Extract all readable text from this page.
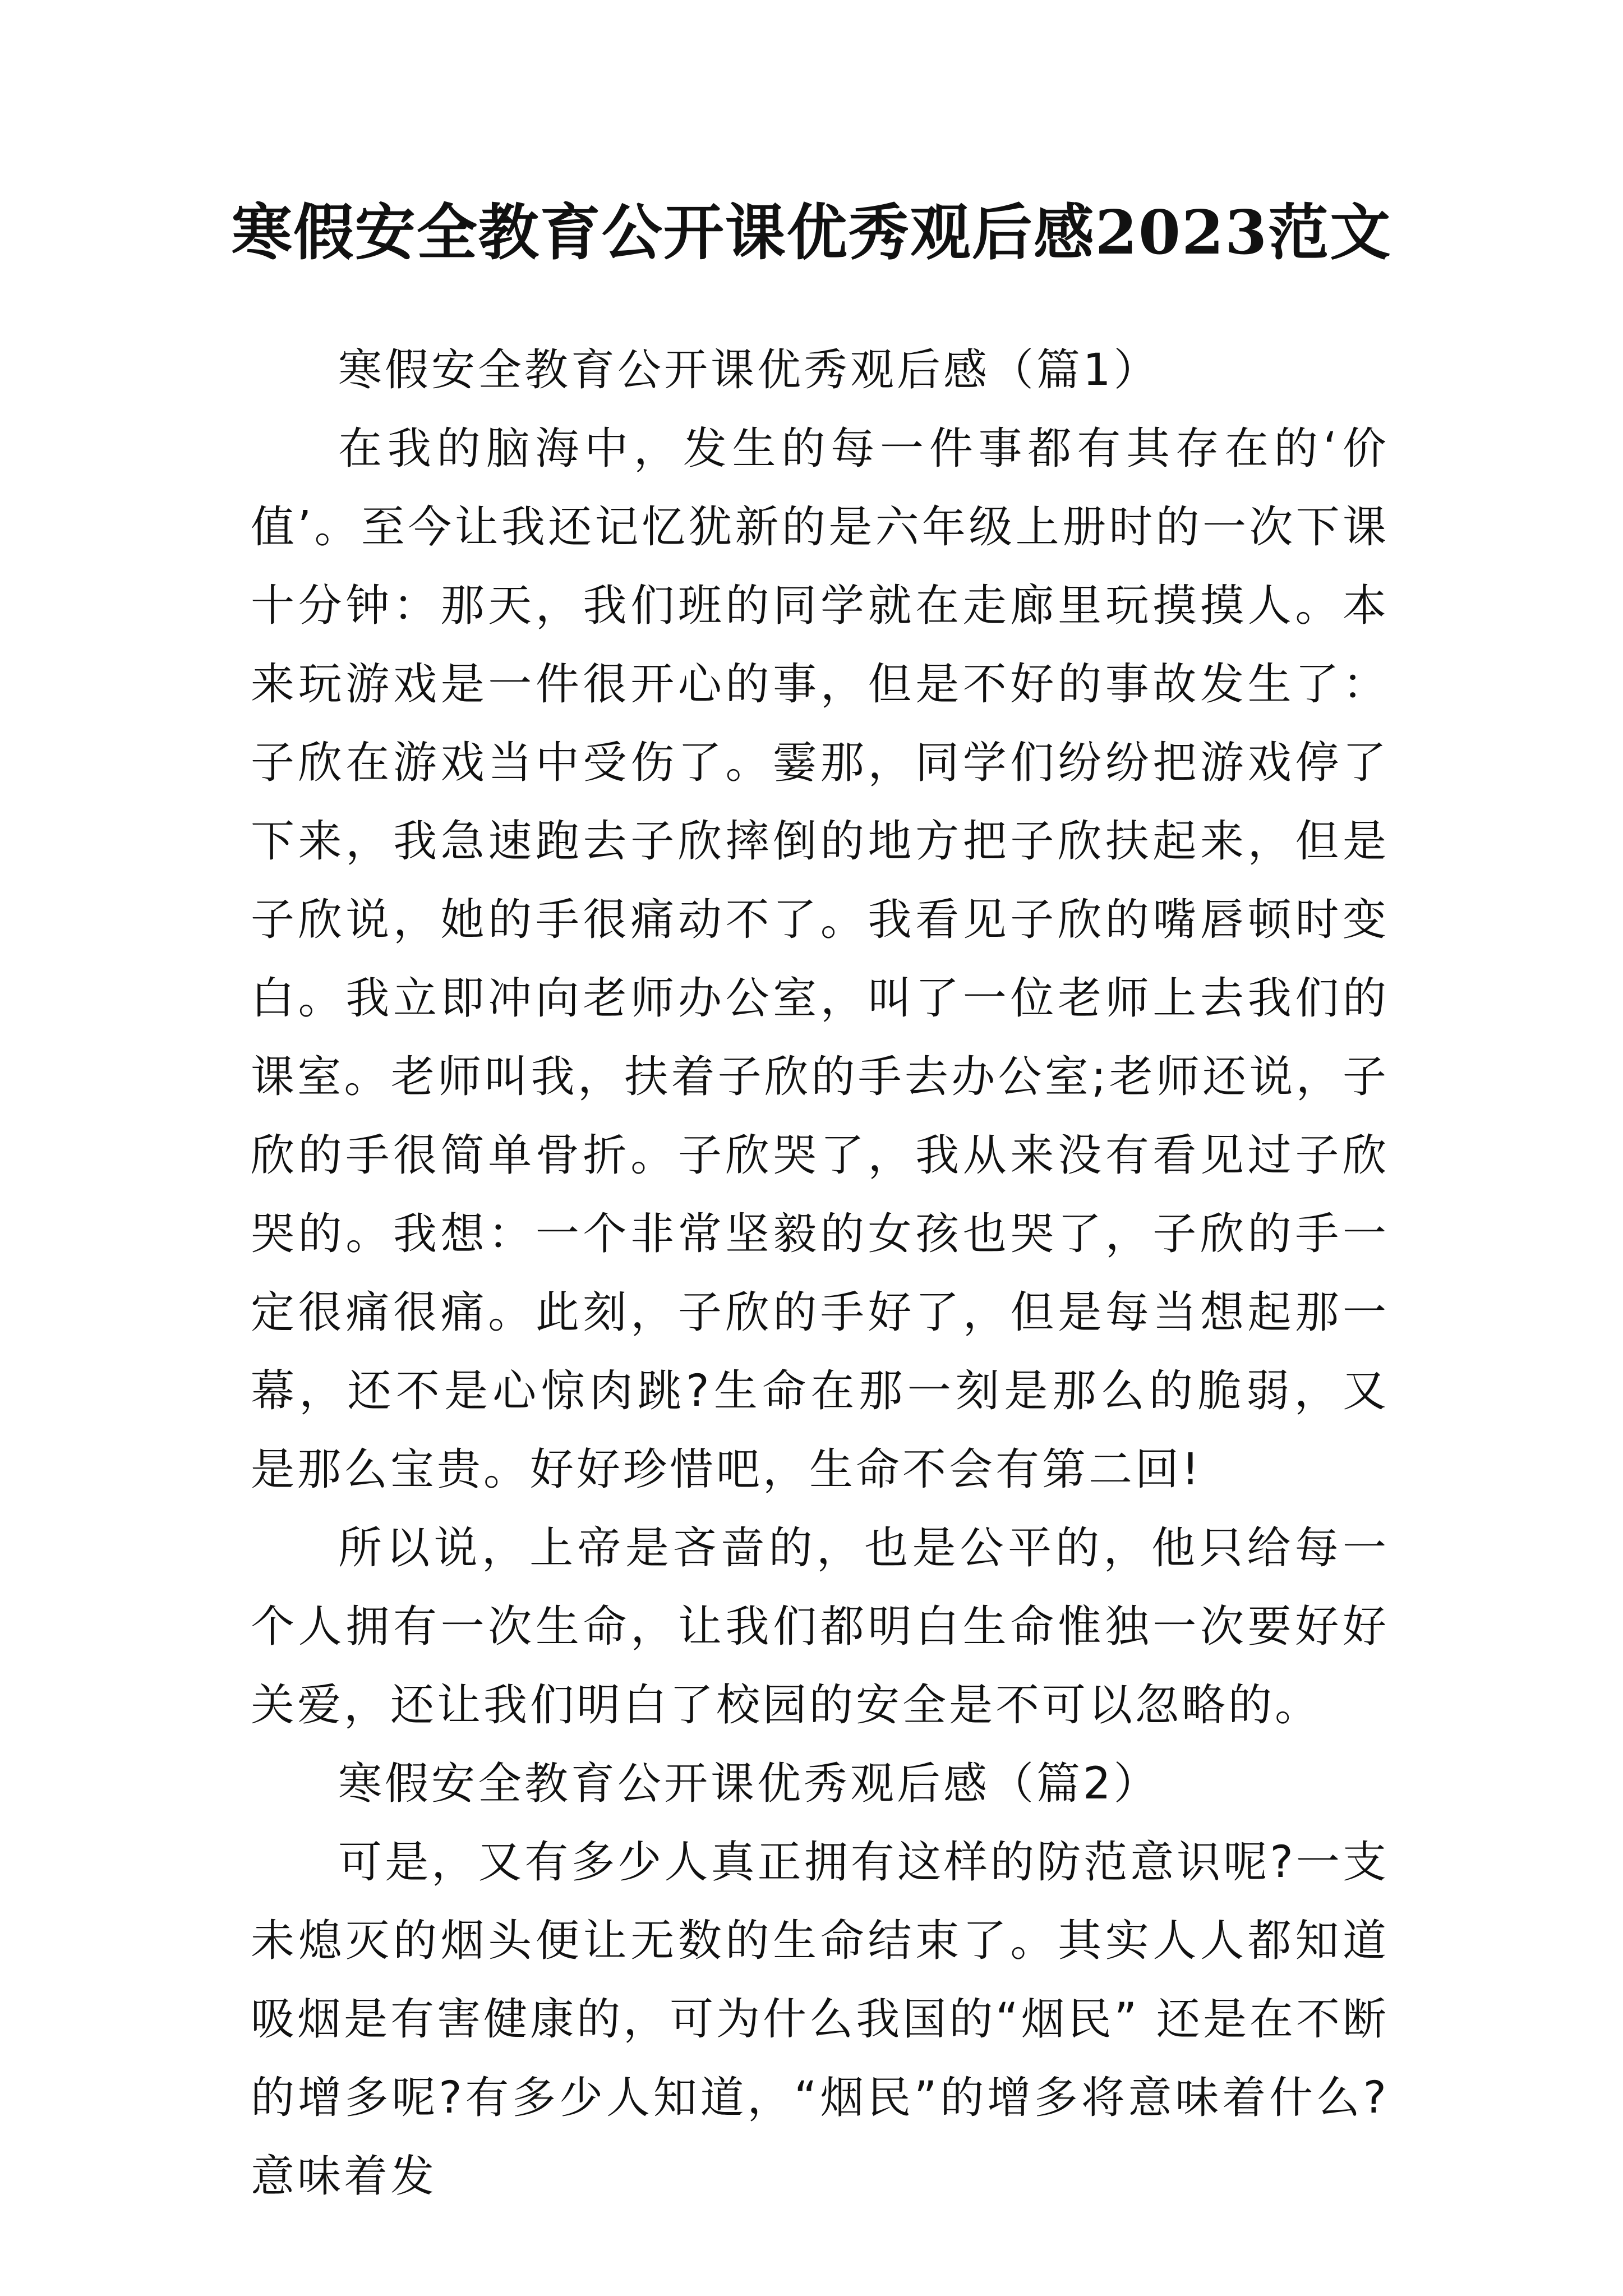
寒假安全教育公开课优秀观后感2023范文

寒假安全教育公开课优秀观后感（篇1）

在我的脑海中，发生的每一件事都有其存在的‘价值’。至今让我还记忆犹新的是六年级上册时的一次下课十分钟：那天，我们班的同学就在走廊里玩摸摸人。本来玩游戏是一件很开心的事，但是不好的事故发生了：子欣在游戏当中受伤了。霎那，同学们纷纷把游戏停了下来，我急速跑去子欣摔倒的地方把子欣扶起来，但是子欣说，她的手很痛动不了。我看见子欣的嘴唇顿时变白。我立即冲向老师办公室，叫了一位老师上去我们的课室。老师叫我，扶着子欣的手去办公室;老师还说，子欣的手很简单骨折。子欣哭了，我从来没有看见过子欣哭的。我想：一个非常坚毅的女孩也哭了，子欣的手一定很痛很痛。此刻，子欣的手好了，但是每当想起那一幕，还不是心惊肉跳?生命在那一刻是那么的脆弱，又是那么宝贵。好好珍惜吧，生命不会有第二回!

所以说，上帝是吝啬的，也是公平的，他只给每一个人拥有一次生命，让我们都明白生命惟独一次要好好关爱，还让我们明白了校园的安全是不可以忽略的。

寒假安全教育公开课优秀观后感（篇2）

可是，又有多少人真正拥有这样的防范意识呢?一支未熄灭的烟头便让无数的生命结束了。其实人人都知道吸烟是有害健康的，可为什么我国的“烟民” 还是在不断的增多呢?有多少人知道，“烟民”的增多将意味着什么?意味着发
